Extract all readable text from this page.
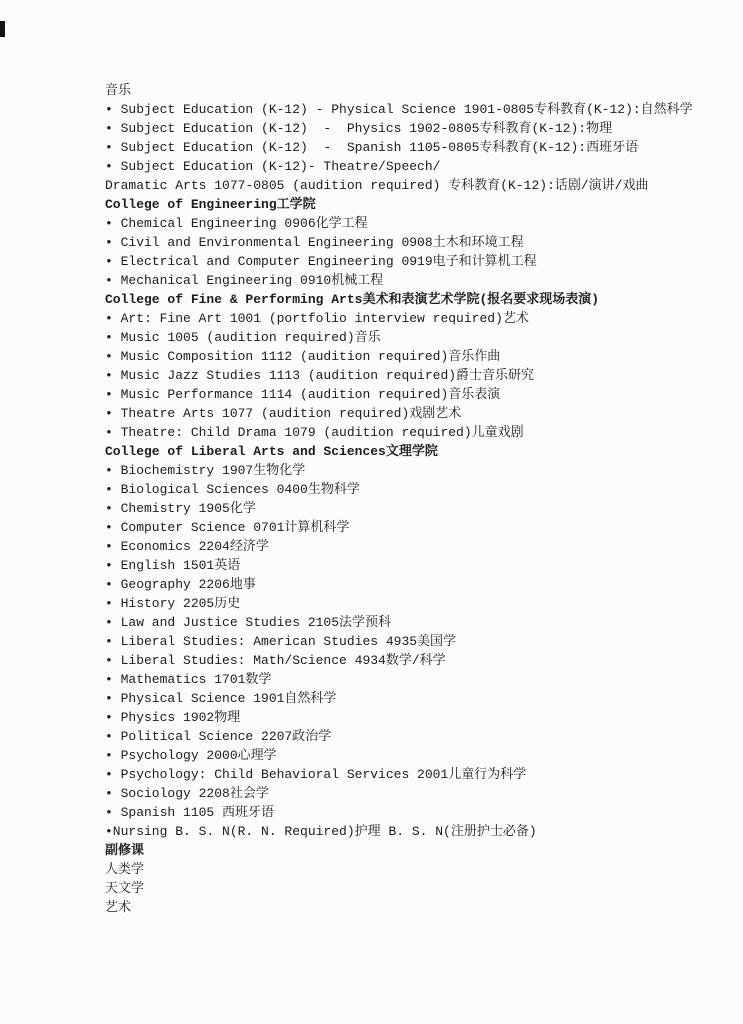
音乐
• Subject Education (K-12) - Physical Science 1901-0805专科教育(K-12):自然科学
• Subject Education (K-12)  -  Physics 1902-0805专科教育(K-12):物理
• Subject Education (K-12)  -  Spanish 1105-0805专科教育(K-12):西班牙语
• Subject Education (K-12)- Theatre/Speech/
Dramatic Arts 1077-0805 (audition required) 专科教育(K-12):话剧/演讲/戏曲
College of Engineering工学院
• Chemical Engineering 0906化学工程
• Civil and Environmental Engineering 0908土木和环境工程
• Electrical and Computer Engineering 0919电子和计算机工程
• Mechanical Engineering 0910机械工程
College of Fine & Performing Arts美术和表演艺术学院(报名要求现场表演)
• Art: Fine Art 1001 (portfolio interview required)艺术
• Music 1005 (audition required)音乐
• Music Composition 1112 (audition required)音乐作曲
• Music Jazz Studies 1113 (audition required)爵士音乐研究
• Music Performance 1114 (audition required)音乐表演
• Theatre Arts 1077 (audition required)戏剧艺术
• Theatre: Child Drama 1079 (audition required)儿童戏剧
College of Liberal Arts and Sciences文理学院
• Biochemistry 1907生物化学
• Biological Sciences 0400生物科学
• Chemistry 1905化学
• Computer Science 0701计算机科学
• Economics 2204经济学
• English 1501英语
• Geography 2206地事
• History 2205历史
• Law and Justice Studies 2105法学预科
• Liberal Studies: American Studies 4935美国学
• Liberal Studies: Math/Science 4934数学/科学
• Mathematics 1701数学
• Physical Science 1901自然科学
• Physics 1902物理
• Political Science 2207政治学
• Psychology 2000心理学
• Psychology: Child Behavioral Services 2001儿童行为科学
• Sociology 2208社会学
• Spanish 1105 西班牙语
•Nursing B. S. N(R. N. Required)护理 B. S. N(注册护士必备)
副修课
人类学
天文学
艺术
